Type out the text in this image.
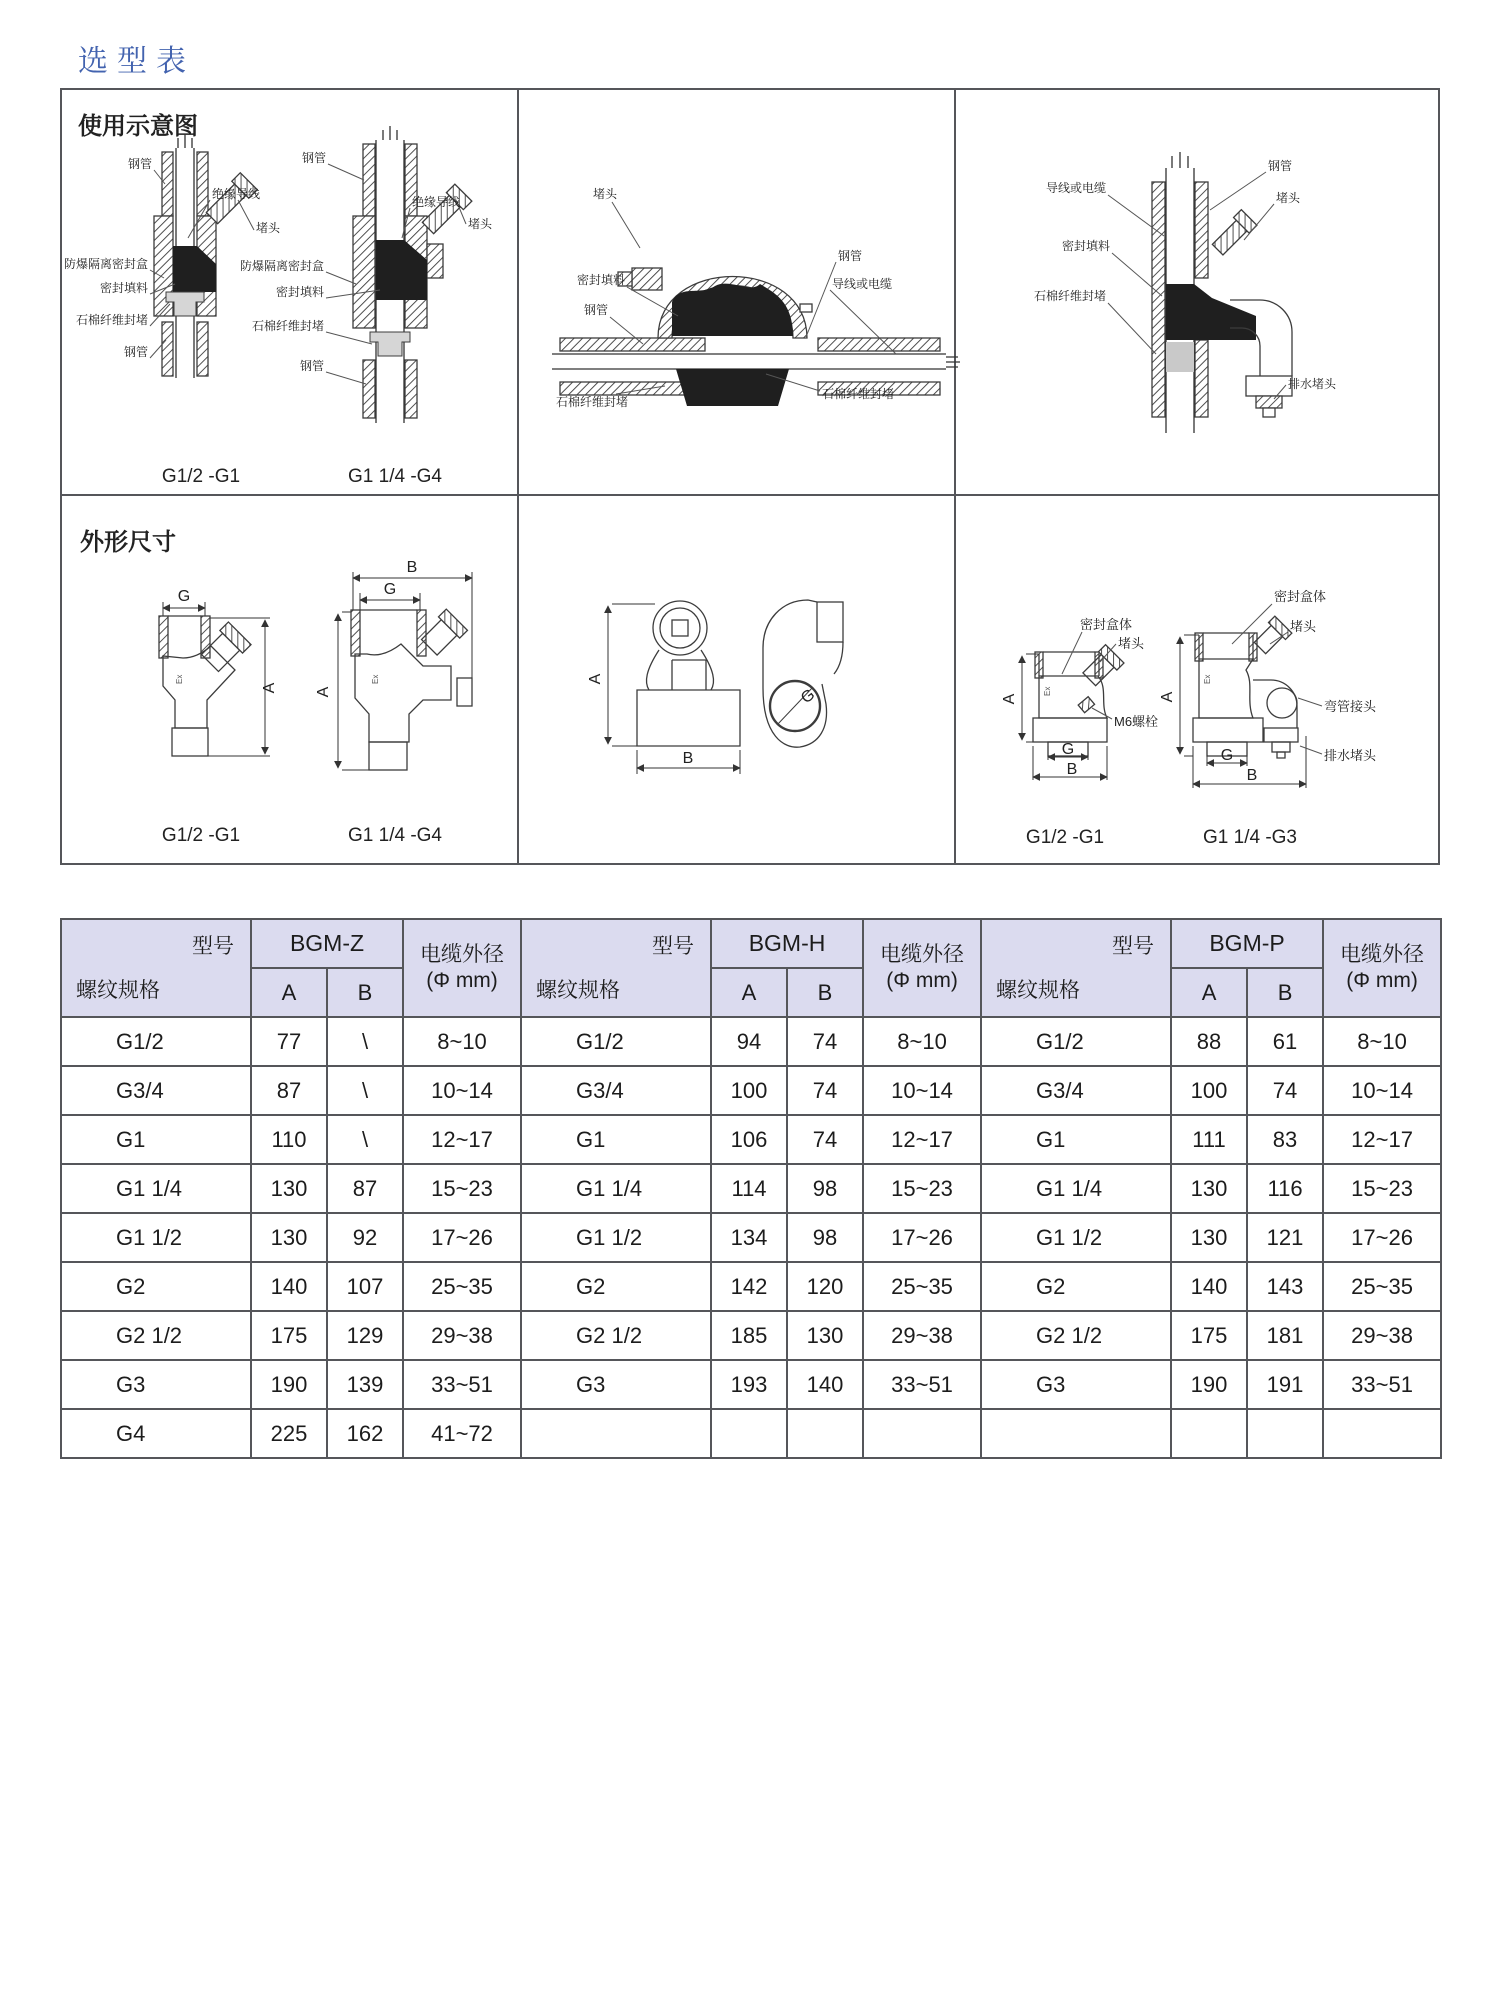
选型表
使用示意图
外形尺寸
钢管
绝缘导线
堵头
防爆隔离密封盒
密封填料
石棉纤维封堵
钢管
G1/2 -G1
钢管
绝缘导线
堵头
防爆隔离密封盒
密封填料
石棉纤维封堵
钢管
G1 1/4 -G4
堵头
密封填料
钢管
石棉纤维封堵
钢管
导线或电缆
石棉纤维封堵
导线或电缆
密封填料
石棉纤维封堵
钢管
堵头
排水堵头
G
A
Ex
G1/2 -G1
B
G
A
Ex
G1 1/4 -G4
A
B
G	Ex
A
G
B
密封盒体
堵头
M6螺栓
G1/2 -G1
Ex
A
G
B
密封盒体
堵头
弯管接头
排水堵头
G1 1/4 -G3
型号
螺纹规格
	BGM-Z	电缆外径
(Φ mm)

型号
螺纹规格
	BGM-H	电缆外径
(Φ mm)

型号
螺纹规格
	BGM-P	电缆外径
(Φ mm)

	A	B			A	B			A	B	
G1/2	77	\	8~10	G1/2	94	74	8~10	G1/2	88	61	8~10
G3/4	87	\	10~14	G3/4	100	74	10~14	G3/4	100	74	10~14
G1	110	\	12~17	G1	106	74	12~17	G1	111	83	12~17
G1 1/4	130	87	15~23	G1 1/4	114	98	15~23	G1 1/4	130	116	15~23
G1 1/2	130	92	17~26	G1 1/2	134	98	17~26	G1 1/2	130	121	17~26
G2	140	107	25~35	G2	142	120	25~35	G2	140	143	25~35
G2 1/2	175	129	29~38	G2 1/2	185	130	29~38	G2 1/2	175	181	29~38
G3	190	139	33~51	G3	193	140	33~51	G3	190	191	33~51
G4	225	162	41~72								
